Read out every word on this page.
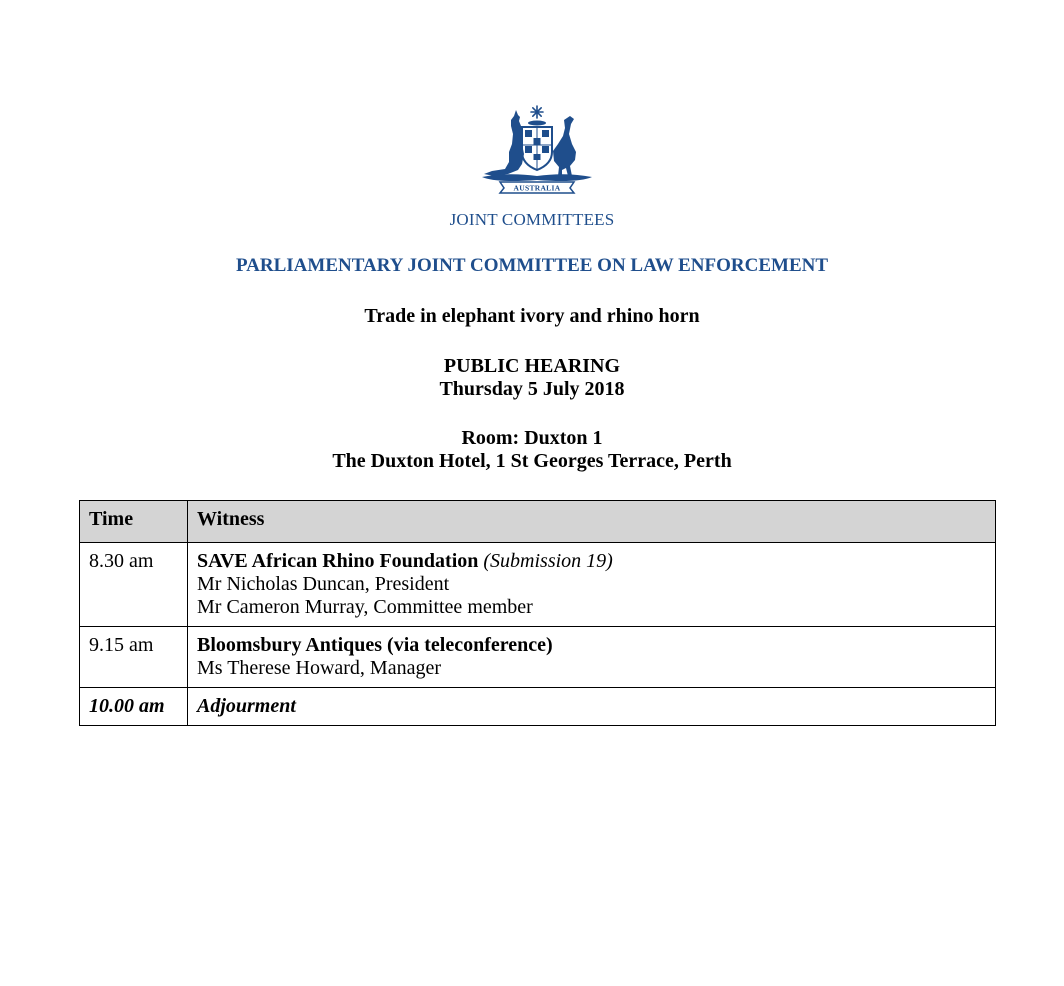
AUSTRALIA
JOINT COMMITTEES
PARLIAMENTARY JOINT COMMITTEE ON LAW ENFORCEMENT
Trade in elephant ivory and rhino horn
PUBLIC HEARING
Thursday 5 July 2018
Room: Duxton 1
The Duxton Hotel, 1 St Georges Terrace, Perth
Time	Witness
8.30 am	SAVE African Rhino Foundation (Submission 19)
Mr Nicholas Duncan, President
Mr Cameron Murray, Committee member

9.15 am	Bloomsbury Antiques (via teleconference)
Ms Therese Howard, Manager

10.00 am	Adjourment
